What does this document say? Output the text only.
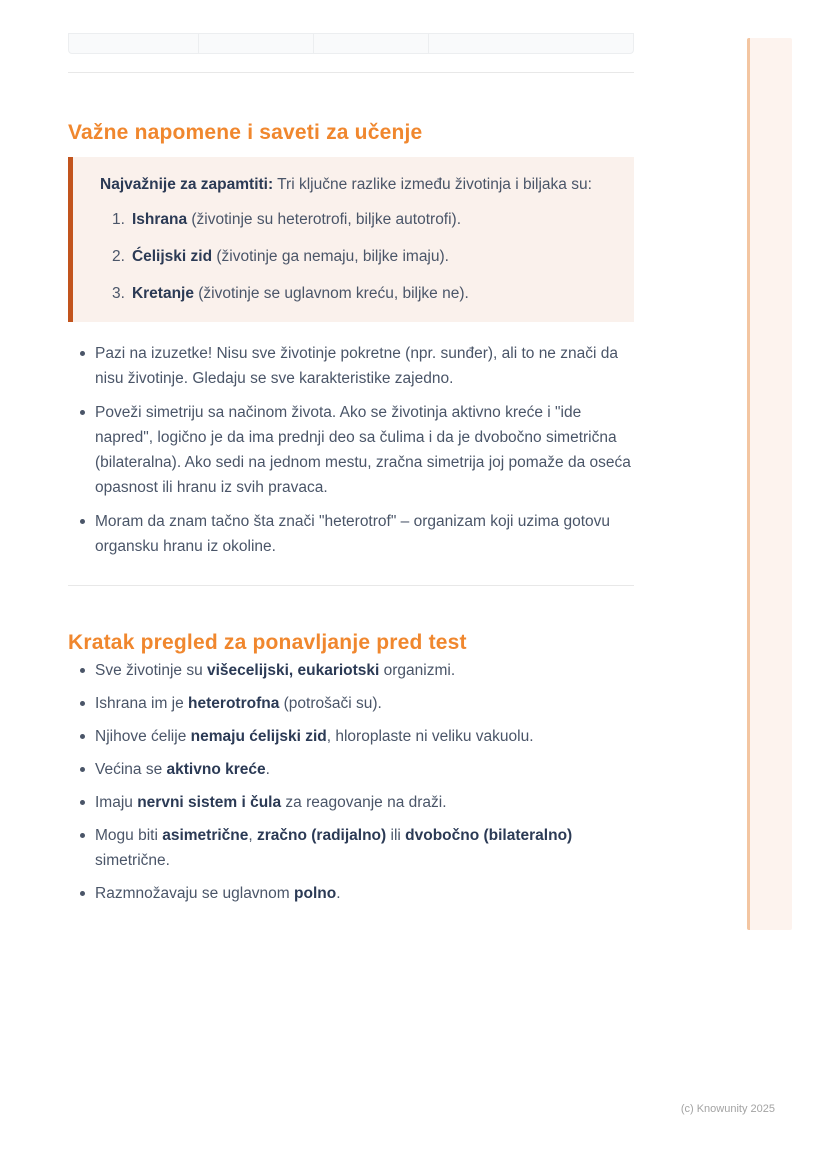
Važne napomene i saveti za učenje

Najvažnije za zapamtiti: Tri ključne razlike između životinja i biljaka su:

1. Ishrana (životinje su heterotrofi, biljke autotrofi).
2. Ćelijski zid (životinje ga nemaju, biljke imaju).
3. Kretanje (životinje se uglavnom kreću, biljke ne).
Pazi na izuzetke! Nisu sve životinje pokretne (npr. sunđer), ali to ne znači da nisu životinje. Gledaju se sve karakteristike zajedno.
Poveži simetriju sa načinom života. Ako se životinja aktivno kreće i "ide napred", logično je da ima prednji deo sa čulima i da je dvobočno simetrična (bilateralna). Ako sedi na jednom mestu, zračna simetrija joj pomaže da oseća opasnost ili hranu iz svih pravaca.
Moram da znam tačno šta znači "heterotrof" – organizam koji uzima gotovu organsku hranu iz okoline.
Kratak pregled za ponavljanje pred test
Sve životinje su višecelijski, eukariotski organizmi.
Ishrana im je heterotrofna (potrošači su).
Njihove ćelije nemaju ćelijski zid, hloroplaste ni veliku vakuolu.
Većina se aktivno kreće.
Imaju nervni sistem i čula za reagovanje na draži.
Mogu biti asimetrične, zračno (radijalno) ili dvobočno (bilateralno) simetrične.
Razmnožavaju se uglavnom polno.
(c) Knowunity 2025
